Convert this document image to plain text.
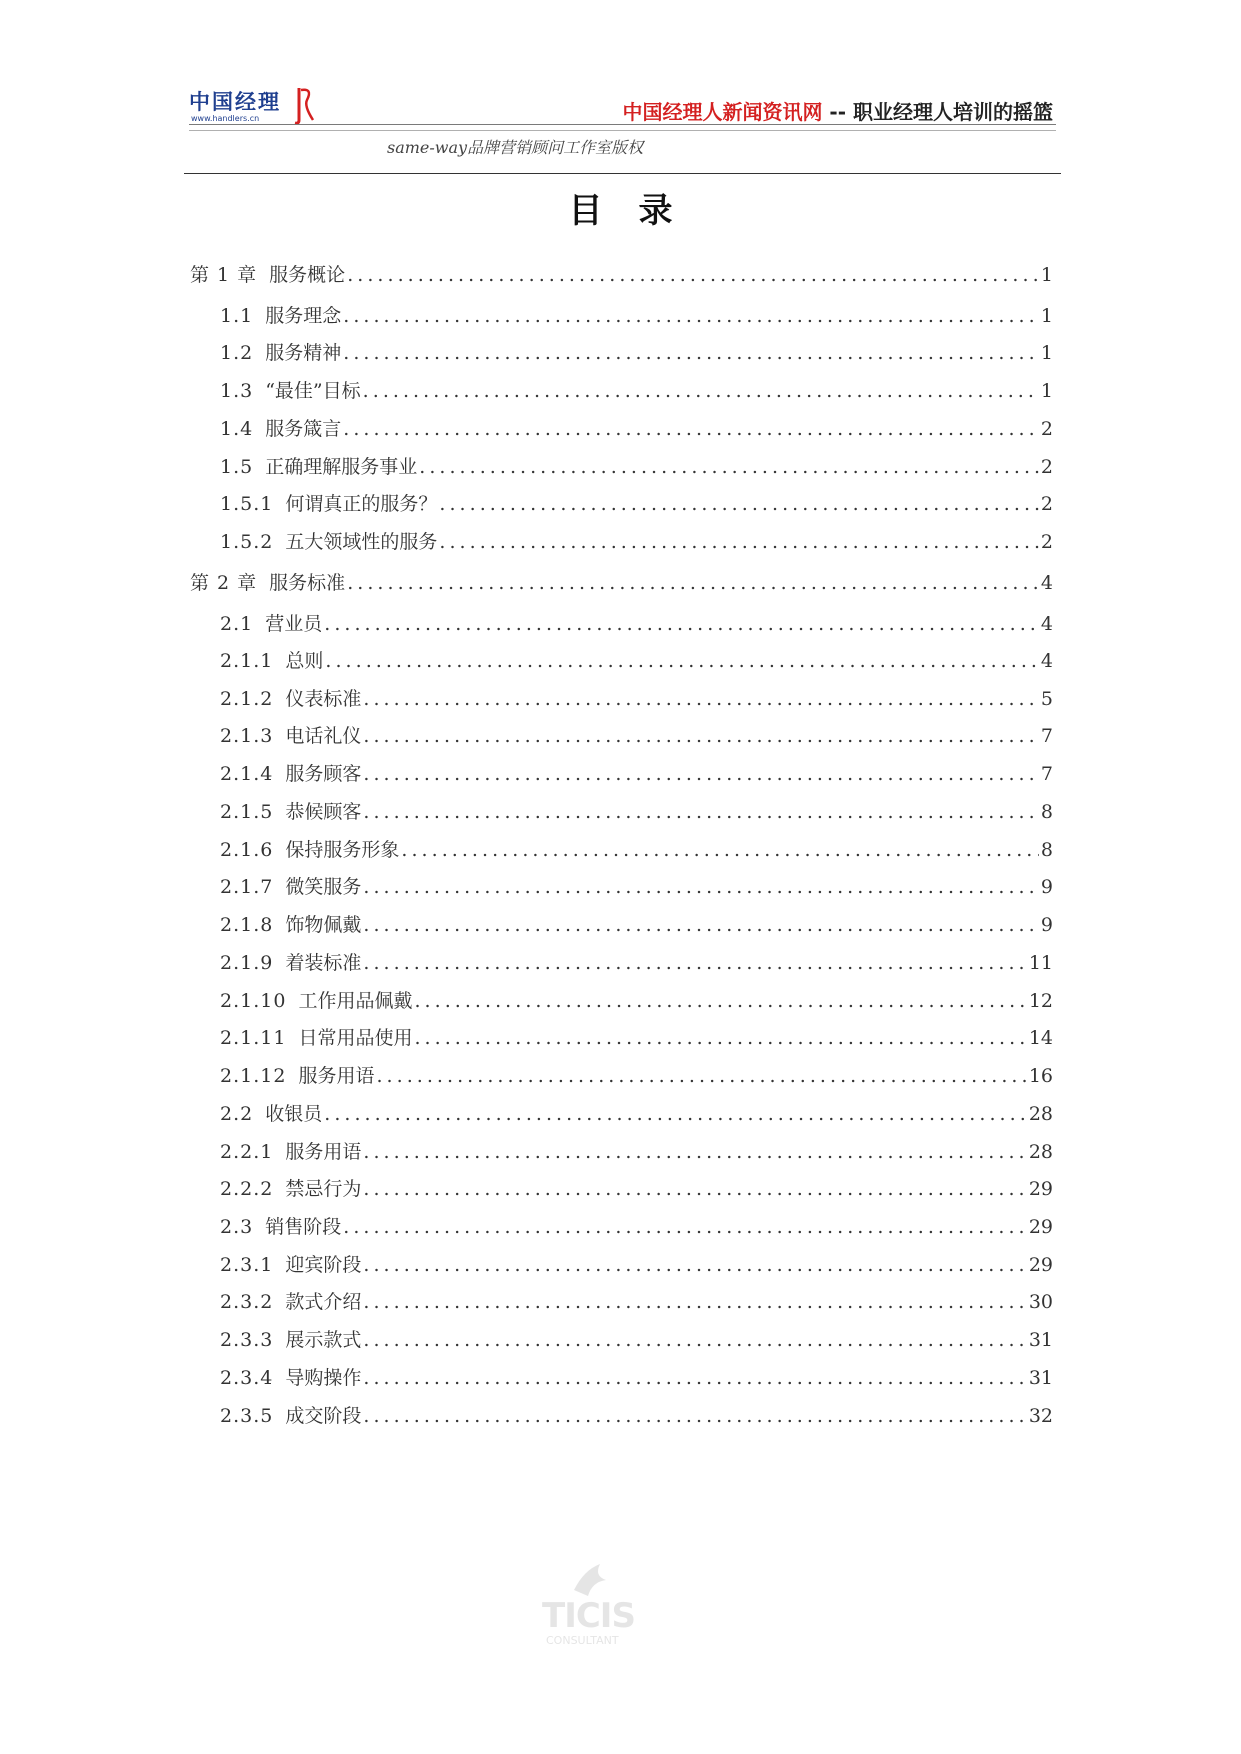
中国经理
www.handlers.cn	中国经理人新闻资讯网 -- 职业经理人培训的摇篮
same-way品牌营销顾问工作室版权
目录
第 1 章 服务概论 . . .	1
1.1 服务理念 . . .	1
1.2 服务精神 . . .	1
1.3 “最佳”目标 . . .	1
1.4 服务箴言 . . .	2
1.5 正确理解服务事业 . . .	2
1.5.1 何谓真正的服务？ . . .	2
1.5.2 五大领域性的服务 . . .	2
第 2 章 服务标准 . . .	4
2.1 营业员 . . .	4
2.1.1 总则 . . .	4
2.1.2 仪表标准 . . .	5
2.1.3 电话礼仪 . . .	7
2.1.4 服务顾客 . . .	7
2.1.5 恭候顾客 . . .	8
2.1.6 保持服务形象 . . .	8
2.1.7 微笑服务 . . .	9
2.1.8 饰物佩戴 . . .	9
2.1.9 着装标准 . . .	11
2.1.10 工作用品佩戴 . . .	12
2.1.11 日常用品使用 . . .	14
2.1.12 服务用语 . . .	16
2.2 收银员 . . .	28
2.2.1 服务用语 . . .	28
2.2.2 禁忌行为 . . .	29
2.3 销售阶段 . . .	29
2.3.1 迎宾阶段 . . .	29
2.3.2 款式介绍 . . .	30
2.3.3 展示款式 . . .	31
2.3.4 导购操作 . . .	31
2.3.5 成交阶段 . . .	32
TICIS
CONSULTANT
